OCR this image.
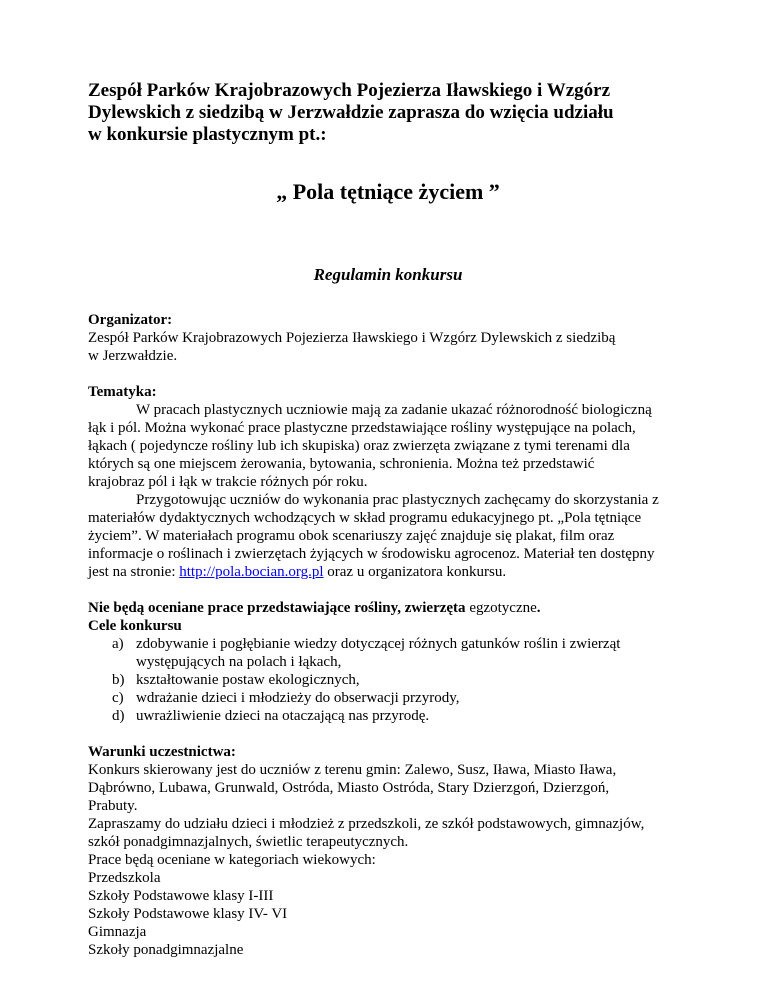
Zespół Parków Krajobrazowych Pojezierza Iławskiego i Wzgórz
Dylewskich z siedzibą w Jerzwałdzie zaprasza do wzięcia udziału
w konkursie plastycznym pt.:

„ Pola tętniące życiem ”

Regulamin konkursu

Organizator:
Zespół Parków Krajobrazowych Pojezierza Iławskiego i Wzgórz Dylewskich z siedzibą
w Jerzwałdzie.
Tematyka:
W pracach plastycznych uczniowie mają za zadanie ukazać różnorodność biologiczną
łąk i pól. Można wykonać prace plastyczne przedstawiające rośliny występujące na polach,
łąkach ( pojedyncze rośliny lub ich skupiska) oraz zwierzęta związane z tymi terenami dla
których są one miejscem żerowania, bytowania, schronienia. Można też przedstawić
krajobraz pól i łąk w trakcie różnych pór roku.
Przygotowując uczniów do wykonania prac plastycznych zachęcamy do skorzystania z
materiałów dydaktycznych wchodzących w skład programu edukacyjnego pt. „Pola tętniące
życiem”. W materiałach programu obok scenariuszy zajęć znajduje się plakat, film oraz
informacje o roślinach i zwierzętach żyjących w środowisku agrocenoz. Materiał ten dostępny
jest na stronie: http://pola.bocian.org.pl oraz u organizatora konkursu.
Nie będą oceniane prace przedstawiające rośliny, zwierzęta egzotyczne.
Cele konkursu
a) zdobywanie i pogłębianie wiedzy dotyczącej różnych gatunków roślin i zwierząt
występujących na polach i łąkach,
b) kształtowanie postaw ekologicznych,
c) wdrażanie dzieci i młodzieży do obserwacji przyrody,
d) uwrażliwienie dzieci na otaczającą nas przyrodę.
Warunki uczestnictwa:
Konkurs skierowany jest do uczniów z terenu gmin: Zalewo, Susz, Iława, Miasto Iława,
Dąbrówno, Lubawa, Grunwald, Ostróda, Miasto Ostróda, Stary Dzierzgoń, Dzierzgoń,
Prabuty.
Zapraszamy do udziału dzieci i młodzież z przedszkoli, ze szkół podstawowych, gimnazjów,
szkół ponadgimnazjalnych, świetlic terapeutycznych.
Prace będą oceniane w kategoriach wiekowych:
Przedszkola
Szkoły Podstawowe klasy I-III
Szkoły Podstawowe klasy IV- VI
Gimnazja
Szkoły ponadgimnazjalne
